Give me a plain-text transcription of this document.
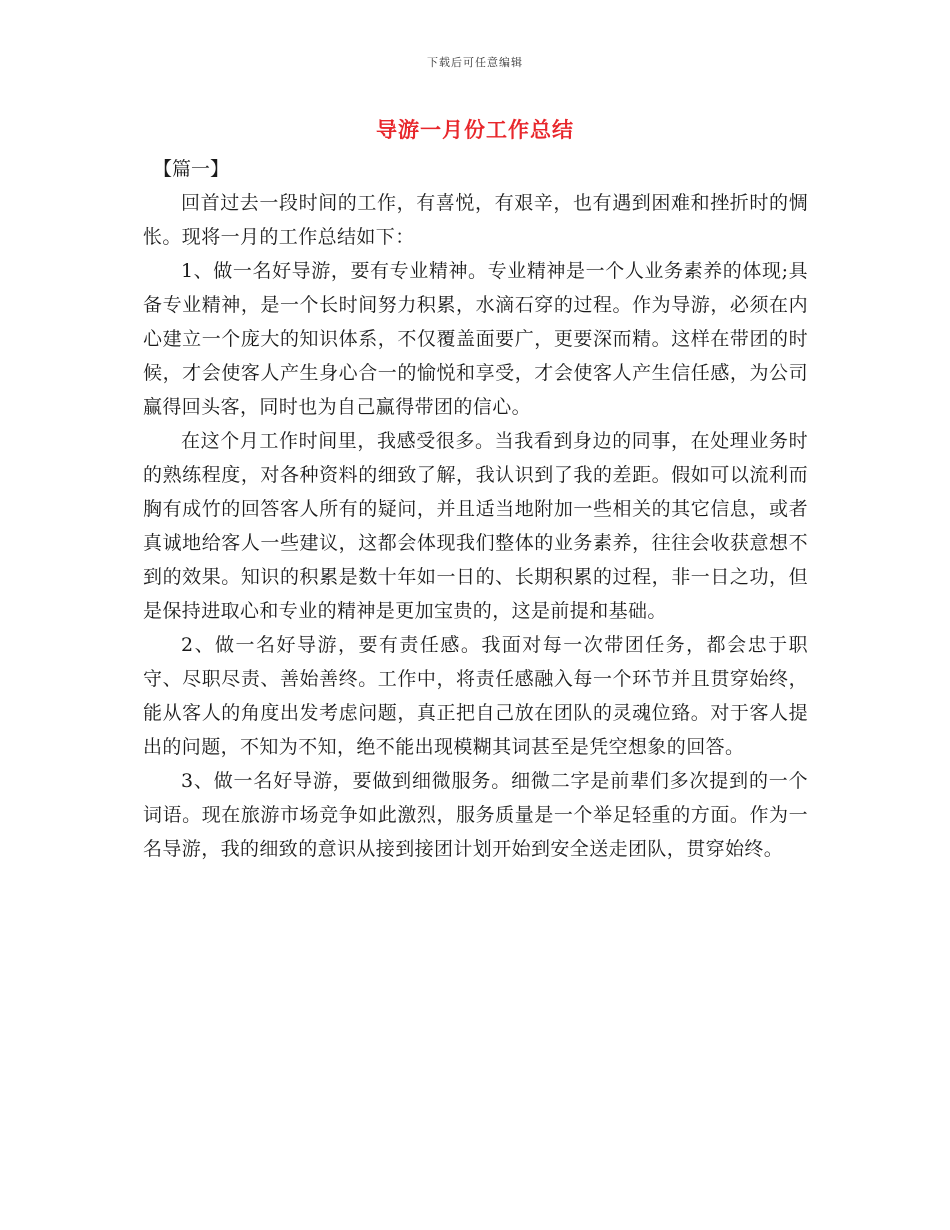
下载后可任意编辑
导游一月份工作总结

【篇一】

回首过去一段时间的工作，有喜悦，有艰辛，也有遇到困难和挫折时的惆怅。现将一月的工作总结如下：

1、做一名好导游，要有专业精神。专业精神是一个人业务素养的体现;具备专业精神，是一个长时间努力积累，水滴石穿的过程。作为导游，必须在内心建立一个庞大的知识体系，不仅覆盖面要广，更要深而精。这样在带团的时候，才会使客人产生身心合一的愉悦和享受，才会使客人产生信任感，为公司赢得回头客，同时也为自己赢得带团的信心。

在这个月工作时间里，我感受很多。当我看到身边的同事，在处理业务时的熟练程度，对各种资料的细致了解，我认识到了我的差距。假如可以流利而胸有成竹的回答客人所有的疑问，并且适当地附加一些相关的其它信息，或者真诚地给客人一些建议，这都会体现我们整体的业务素养，往往会收获意想不到的效果。知识的积累是数十年如一日的、长期积累的过程，非一日之功，但是保持进取心和专业的精神是更加宝贵的，这是前提和基础。

2、做一名好导游，要有责任感。我面对每一次带团任务，都会忠于职守、尽职尽责、善始善终。工作中，将责任感融入每一个环节并且贯穿始终，能从客人的角度出发考虑问题，真正把自己放在团队的灵魂位臵。对于客人提出的问题，不知为不知，绝不能出现模糊其词甚至是凭空想象的回答。

3、做一名好导游，要做到细微服务。细微二字是前辈们多次提到的一个词语。现在旅游市场竞争如此激烈，服务质量是一个举足轻重的方面。作为一名导游，我的细致的意识从接到接团计划开始到安全送走团队，贯穿始终。
